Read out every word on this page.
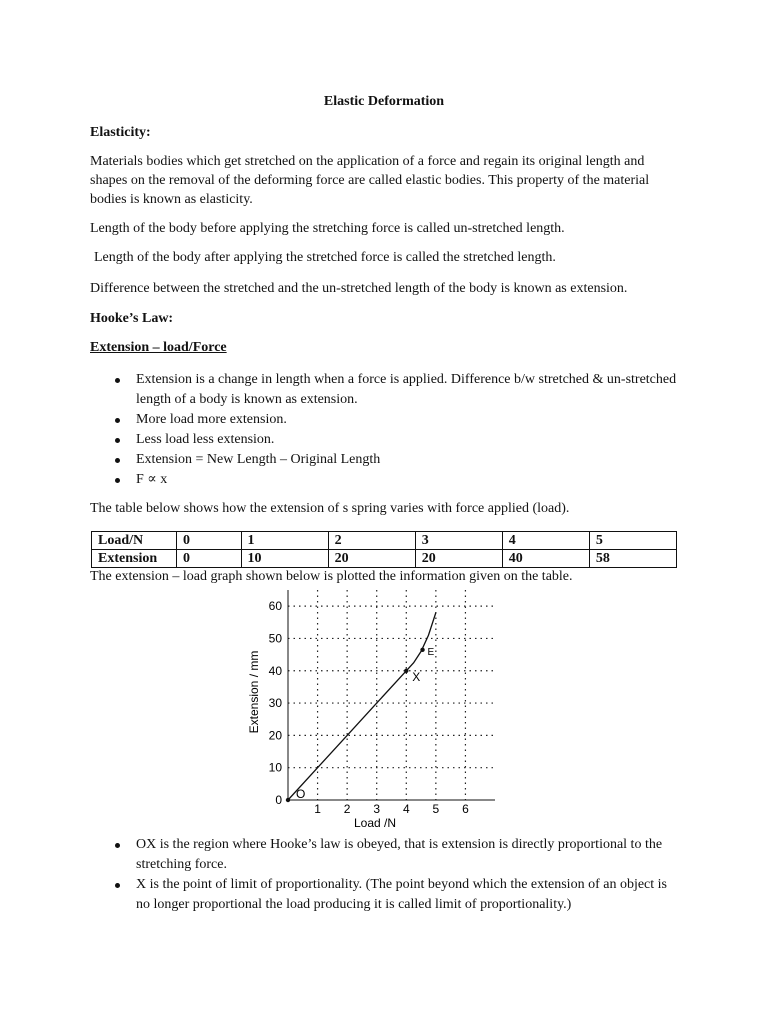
Elastic Deformation
Elasticity:
Materials bodies which get stretched on the application of a force and regain its original length and shapes on the removal of the deforming force are called elastic bodies. This property of the material bodies is known as elasticity.
Length of the body before applying the stretching force is called un-stretched length.
Length of the body after applying the stretched force is called the stretched length.
Difference between the stretched and the un-stretched length of the body is known as extension.
Hooke’s Law:
Extension – load/Force
Extension is a change in length when a force is applied. Difference b/w stretched & un-stretched length of a body is known as extension.
More load more extension.
Less load less extension.
Extension = New Length – Original Length
F ∝ x
The table below shows how the extension of s spring varies with force applied (load).
Load/N	0	1	2	3	4	5
Extension	0	10	20	20	40	58
The extension – load graph shown below is plotted the information given on the table.
0
10
20
30
40
50
60
1 2 3 4 5 6
O
X
E
Extension / mm
Load /N
OX is the region where Hooke’s law is obeyed, that is extension is directly proportional to the stretching force.
X is the point of limit of proportionality. (The point beyond which the extension of an object is no longer proportional the load producing it is called limit of proportionality.)
